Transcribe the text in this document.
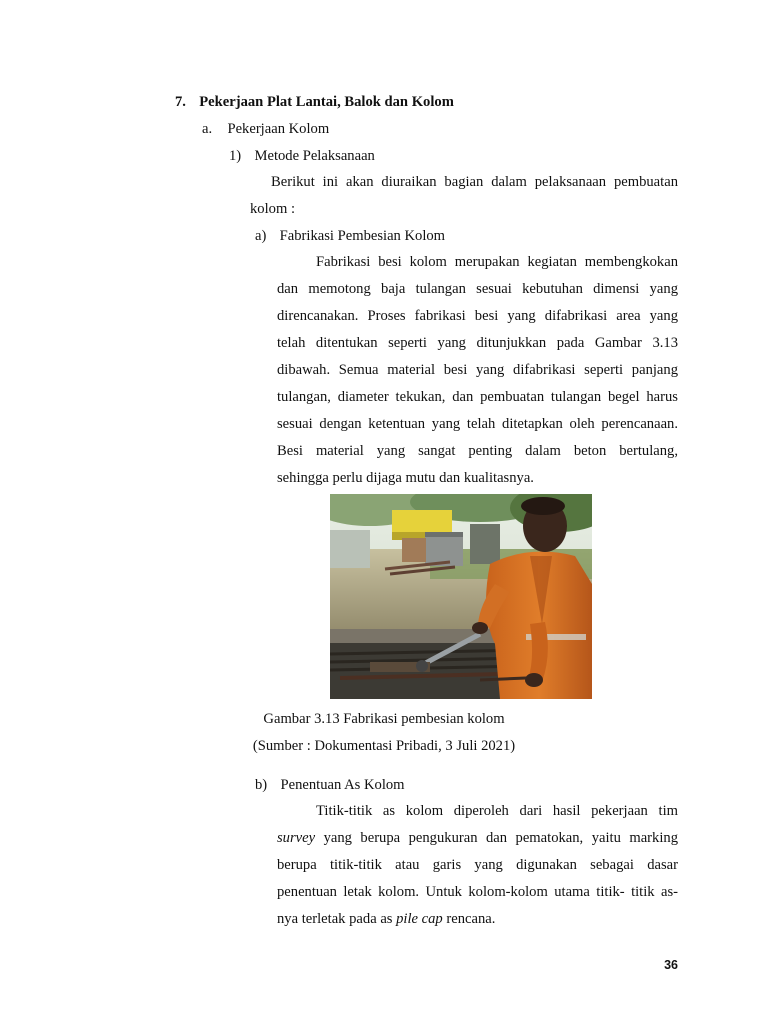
7. Pekerjaan Plat Lantai, Balok dan Kolom
a. Pekerjaan Kolom
1) Metode Pelaksanaan
Berikut ini akan diuraikan bagian dalam pelaksanaan pembuatan
kolom :
a) Fabrikasi Pembesian Kolom
Fabrikasi besi kolom merupakan kegiatan membengkokan
dan memotong baja tulangan sesuai kebutuhan dimensi yang
direncanakan. Proses fabrikasi besi yang difabrikasi area yang
telah ditentukan seperti yang ditunjukkan pada Gambar 3.13
dibawah. Semua material besi yang difabrikasi seperti panjang
tulangan, diameter tekukan, dan pembuatan tulangan begel harus
sesuai dengan ketentuan yang telah ditetapkan oleh perencanaan.
Besi material yang sangat penting dalam beton bertulang,
sehingga perlu dijaga mutu dan kualitasnya.
Gambar 3.13 Fabrikasi pembesian kolom
(Sumber : Dokumentasi Pribadi, 3 Juli 2021)
b) Penentuan As Kolom
Titik-titik as kolom diperoleh dari hasil pekerjaan tim
survey yang berupa pengukuran dan pematokan, yaitu marking
berupa titik-titik atau garis yang digunakan sebagai dasar
penentuan letak kolom. Untuk kolom-kolom utama titik- titik as-
nya terletak pada as pile cap rencana.
36
